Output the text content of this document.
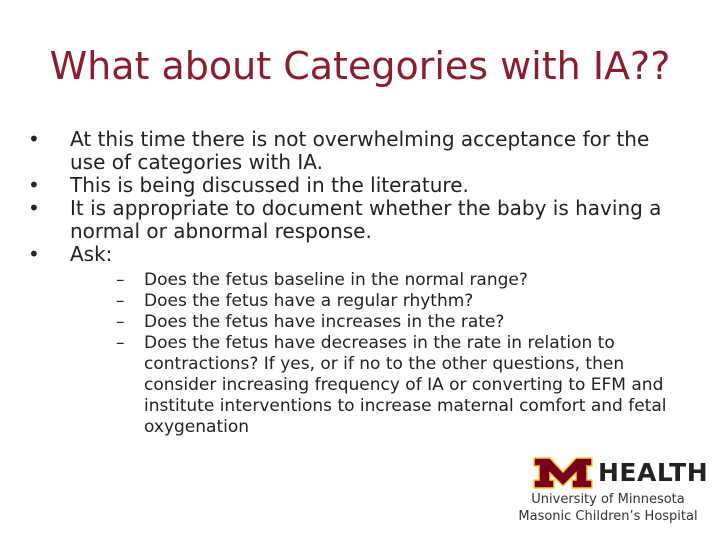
What about Categories with IA??
•	At this time there is not overwhelming acceptance for the use of categories with IA.
•	This is being discussed in the literature.
•	It is appropriate to document whether the baby is having a normal or abnormal response.
•	Ask:
– Does the fetus baseline in the normal range?
– Does the fetus have a regular rhythm?
– Does the fetus have increases in the rate?
– Does the fetus have decreases in the rate in relation to contractions? If yes, or if no to the other questions, then consider increasing frequency of IA or converting to EFM and institute interventions to increase maternal comfort and fetal oxygenation
HEALTH
University of Minnesota
Masonic Children’s Hospital
